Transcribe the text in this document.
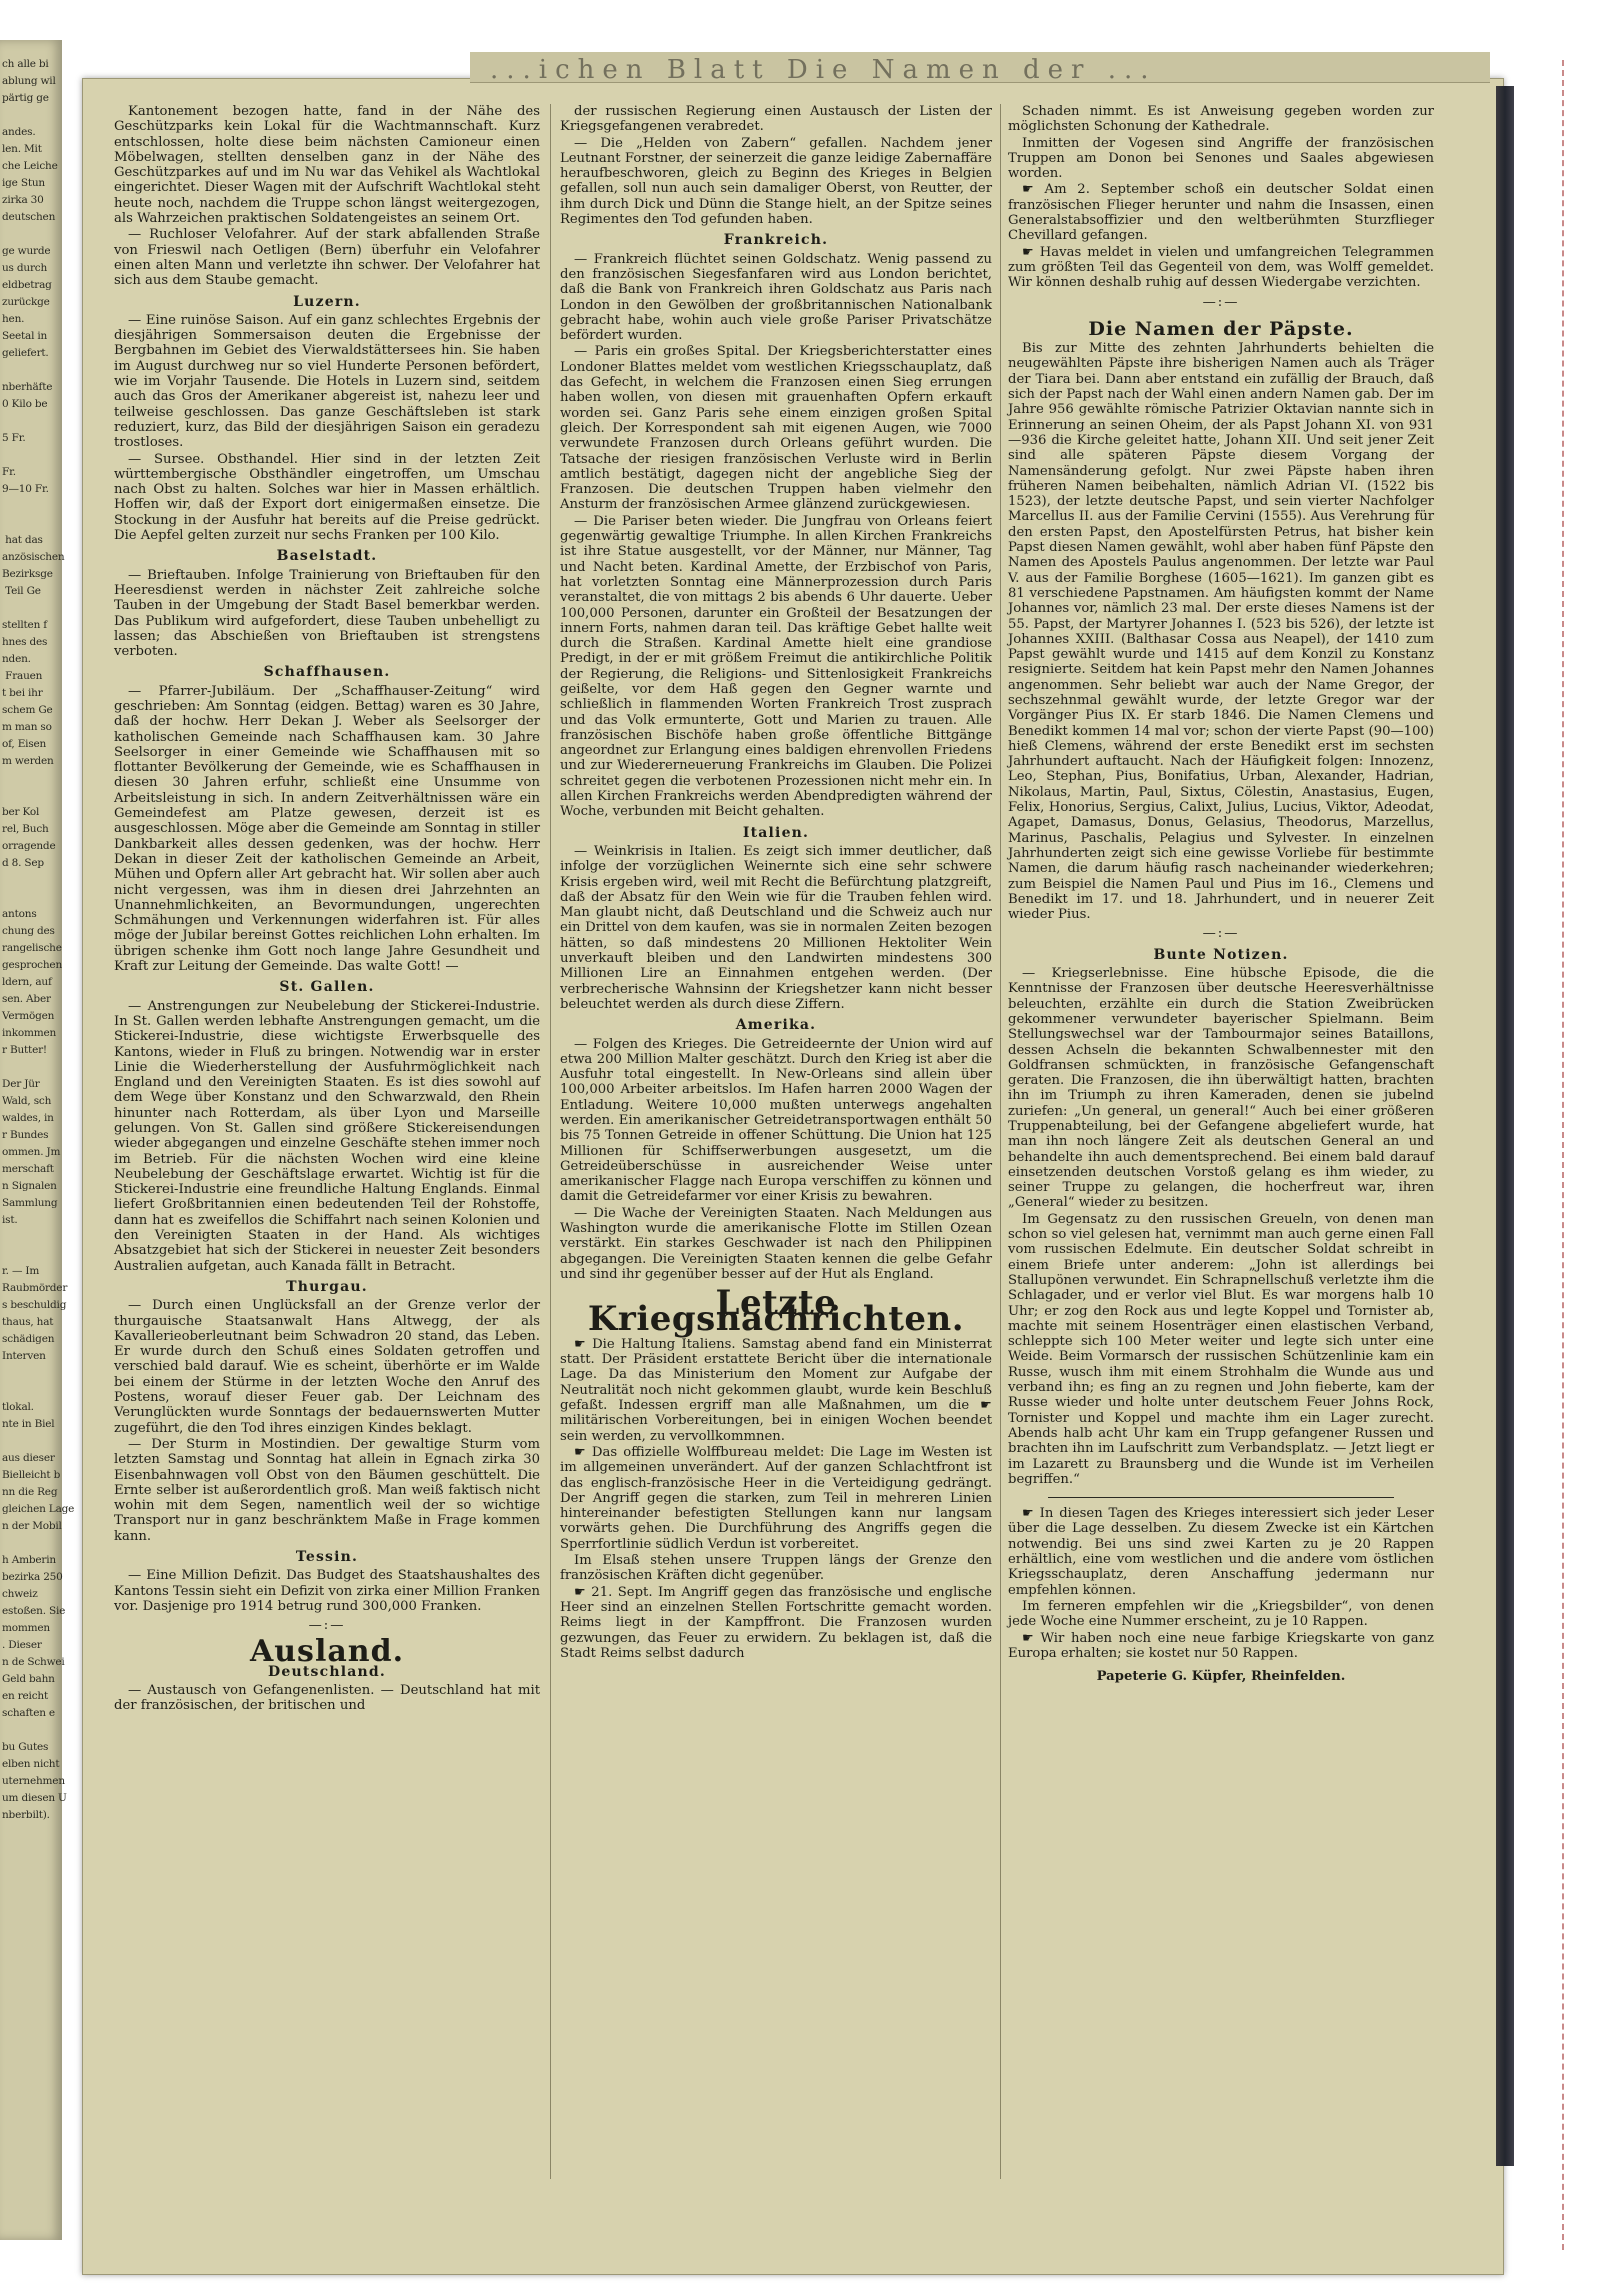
ch alle bi
ablung wil
pärtig ge

andes.
len. Mit
che Leiche
ige Stun
zirka 30
deutschen

ge wurde
us durch
eldbetrag
zurückge
hen.
Seetal in
geliefert.

nberhäfte
0 Kilo be

5 Fr.

Fr.
9—10 Fr.

hat das
anzösischen
Bezirksge
Teil Ge

stellten f
hnes des
nden.
Frauen
t bei ihr
schem Ge
m man so
of, Eisen
m werden

ber Kol
rel, Buch
orragende
d 8. Sep

antons
chung des
rangelische
gesprochen
ldern, auf
sen. Aber
Vermögen
inkommen
r Butter!

Der Jür
Wald, sch
waldes, in
r Bundes
ommen. Jm
merschaft
n Signalen
Sammlung
ist.

r. — Im
Raubmörder
s beschuldig
thaus, hat
schädigen
Interven

tlokal.
nte in Biel

aus dieser
Bielleicht b
nn die Reg
gleichen Lage
n der Mobil

h Amberin
bezirka 250
chweiz
estoßen. Sie
mommen
. Dieser
n de Schwei
Geld bahn
en reicht
schaften e

bu Gutes
elben nicht
uternehmen
um diesen U
nberbilt).
...ichen Blatt Die Namen der ...

Kantonement bezogen hatte, fand in der Nähe des Geschützparks kein Lokal für die Wachtmannschaft. Kurz entschlossen, holte diese beim nächsten Camioneur einen Möbelwagen, stellten denselben ganz in der Nähe des Geschützparkes auf und im Nu war das Vehikel als Wachtlokal eingerichtet. Dieser Wagen mit der Aufschrift Wachtlokal steht heute noch, nachdem die Truppe schon längst weitergezogen, als Wahrzeichen praktischen Soldatengeistes an seinem Ort.

— Ruchloser Velofahrer. Auf der stark abfallenden Straße von Frieswil nach Oetligen (Bern) überfuhr ein Velofahrer einen alten Mann und verletzte ihn schwer. Der Velofahrer hat sich aus dem Staube gemacht.

Luzern.

— Eine ruinöse Saison. Auf ein ganz schlechtes Ergebnis der diesjährigen Sommersaison deuten die Ergebnisse der Bergbahnen im Gebiet des Vierwaldstättersees hin. Sie haben im August durchweg nur so viel Hunderte Personen befördert, wie im Vorjahr Tausende. Die Hotels in Luzern sind, seitdem auch das Gros der Amerikaner abgereist ist, nahezu leer und teilweise geschlossen. Das ganze Geschäftsleben ist stark reduziert, kurz, das Bild der diesjährigen Saison ein geradezu trostloses.

— Sursee. Obsthandel. Hier sind in der letzten Zeit württembergische Obsthändler eingetroffen, um Umschau nach Obst zu halten. Solches war hier in Massen erhältlich. Hoffen wir, daß der Export dort einigermaßen einsetze. Die Stockung in der Ausfuhr hat bereits auf die Preise gedrückt. Die Aepfel gelten zurzeit nur sechs Franken per 100 Kilo.

Baselstadt.

— Brieftauben. Infolge Trainierung von Brieftauben für den Heeresdienst werden in nächster Zeit zahlreiche solche Tauben in der Umgebung der Stadt Basel bemerkbar werden. Das Publikum wird aufgefordert, diese Tauben unbehelligt zu lassen; das Abschießen von Brieftauben ist strengstens verboten.

Schaffhausen.

— Pfarrer-Jubiläum. Der „Schaffhauser-Zeitung“ wird geschrieben: Am Sonntag (eidgen. Bettag) waren es 30 Jahre, daß der hochw. Herr Dekan J. Weber als Seelsorger der katholischen Gemeinde nach Schaffhausen kam. 30 Jahre Seelsorger in einer Gemeinde wie Schaffhausen mit so flottanter Bevölkerung der Gemeinde, wie es Schaffhausen in diesen 30 Jahren erfuhr, schließt eine Unsumme von Arbeitsleistung in sich. In andern Zeitverhältnissen wäre ein Gemeindefest am Platze gewesen, derzeit ist es ausgeschlossen. Möge aber die Gemeinde am Sonntag in stiller Dankbarkeit alles dessen gedenken, was der hochw. Herr Dekan in dieser Zeit der katholischen Gemeinde an Arbeit, Mühen und Opfern aller Art gebracht hat. Wir sollen aber auch nicht vergessen, was ihm in diesen drei Jahrzehnten an Unannehmlichkeiten, an Bevormundungen, ungerechten Schmähungen und Verkennungen widerfahren ist. Für alles möge der Jubilar bereinst Gottes reichlichen Lohn erhalten. Im übrigen schenke ihm Gott noch lange Jahre Gesundheit und Kraft zur Leitung der Gemeinde. Das walte Gott! —

St. Gallen.

— Anstrengungen zur Neubelebung der Stickerei-Industrie. In St. Gallen werden lebhafte Anstrengungen gemacht, um die Stickerei-Industrie, diese wichtigste Erwerbsquelle des Kantons, wieder in Fluß zu bringen. Notwendig war in erster Linie die Wiederherstellung der Ausfuhrmöglichkeit nach England und den Vereinigten Staaten. Es ist dies sowohl auf dem Wege über Konstanz und den Schwarzwald, den Rhein hinunter nach Rotterdam, als über Lyon und Marseille gelungen. Von St. Gallen sind größere Stickereisendungen wieder abgegangen und einzelne Geschäfte stehen immer noch im Betrieb. Für die nächsten Wochen wird eine kleine Neubelebung der Geschäftslage erwartet. Wichtig ist für die Stickerei-Industrie eine freundliche Haltung Englands. Einmal liefert Großbritannien einen bedeutenden Teil der Rohstoffe, dann hat es zweifellos die Schiffahrt nach seinen Kolonien und den Vereinigten Staaten in der Hand. Als wichtiges Absatzgebiet hat sich der Stickerei in neuester Zeit besonders Australien aufgetan, auch Kanada fällt in Betracht.

Thurgau.

— Durch einen Unglücksfall an der Grenze verlor der thurgauische Staatsanwalt Hans Altwegg, der als Kavallerieoberleutnant beim Schwadron 20 stand, das Leben. Er wurde durch den Schuß eines Soldaten getroffen und verschied bald darauf. Wie es scheint, überhörte er im Walde bei einem der Stürme in der letzten Woche den Anruf des Postens, worauf dieser Feuer gab. Der Leichnam des Verunglückten wurde Sonntags der bedauernswerten Mutter zugeführt, die den Tod ihres einzigen Kindes beklagt.

— Der Sturm in Mostindien. Der gewaltige Sturm vom letzten Samstag und Sonntag hat allein in Egnach zirka 30 Eisenbahnwagen voll Obst von den Bäumen geschüttelt. Die Ernte selber ist außerordentlich groß. Man weiß faktisch nicht wohin mit dem Segen, namentlich weil der so wichtige Transport nur in ganz beschränktem Maße in Frage kommen kann.

Tessin.

— Eine Million Defizit. Das Budget des Staatshaushaltes des Kantons Tessin sieht ein Defizit von zirka einer Million Franken vor. Dasjenige pro 1914 betrug rund 300,000 Franken.

—:—
Ausland.
Deutschland.

— Austausch von Gefangenenlisten. — Deutschland hat mit der französischen, der britischen und

der russischen Regierung einen Austausch der Listen der Kriegsgefangenen verabredet.

— Die „Helden von Zabern“ gefallen. Nachdem jener Leutnant Forstner, der seinerzeit die ganze leidige Zabernaffäre heraufbeschworen, gleich zu Beginn des Krieges in Belgien gefallen, soll nun auch sein damaliger Oberst, von Reutter, der ihm durch Dick und Dünn die Stange hielt, an der Spitze seines Regimentes den Tod gefunden haben.

Frankreich.

— Frankreich flüchtet seinen Goldschatz. Wenig passend zu den französischen Siegesfanfaren wird aus London berichtet, daß die Bank von Frankreich ihren Goldschatz aus Paris nach London in den Gewölben der großbritannischen Nationalbank gebracht habe, wohin auch viele große Pariser Privatschätze befördert wurden.

— Paris ein großes Spital. Der Kriegsberichterstatter eines Londoner Blattes meldet vom westlichen Kriegsschauplatz, daß das Gefecht, in welchem die Franzosen einen Sieg errungen haben wollen, von diesen mit grauenhaften Opfern erkauft worden sei. Ganz Paris sehe einem einzigen großen Spital gleich. Der Korrespondent sah mit eigenen Augen, wie 7000 verwundete Franzosen durch Orleans geführt wurden. Die Tatsache der riesigen französischen Verluste wird in Berlin amtlich bestätigt, dagegen nicht der angebliche Sieg der Franzosen. Die deutschen Truppen haben vielmehr den Ansturm der französischen Armee glänzend zurückgewiesen.

— Die Pariser beten wieder. Die Jungfrau von Orleans feiert gegenwärtig gewaltige Triumphe. In allen Kirchen Frankreichs ist ihre Statue ausgestellt, vor der Männer, nur Männer, Tag und Nacht beten. Kardinal Amette, der Erzbischof von Paris, hat vorletzten Sonntag eine Männerprozession durch Paris veranstaltet, die von mittags 2 bis abends 6 Uhr dauerte. Ueber 100,000 Personen, darunter ein Großteil der Besatzungen der innern Forts, nahmen daran teil. Das kräftige Gebet hallte weit durch die Straßen. Kardinal Amette hielt eine grandiose Predigt, in der er mit größem Freimut die antikirchliche Politik der Regierung, die Religions- und Sittenlosigkeit Frankreichs geißelte, vor dem Haß gegen den Gegner warnte und schließlich in flammenden Worten Frankreich Trost zusprach und das Volk ermunterte, Gott und Marien zu trauen. Alle französischen Bischöfe haben große öffentliche Bittgänge angeordnet zur Erlangung eines baldigen ehrenvollen Friedens und zur Wiedererneuerung Frankreichs im Glauben. Die Polizei schreitet gegen die verbotenen Prozessionen nicht mehr ein. In allen Kirchen Frankreichs werden Abendpredigten während der Woche, verbunden mit Beicht gehalten.

Italien.

— Weinkrisis in Italien. Es zeigt sich immer deutlicher, daß infolge der vorzüglichen Weinernte sich eine sehr schwere Krisis ergeben wird, weil mit Recht die Befürchtung platzgreift, daß der Absatz für den Wein wie für die Trauben fehlen wird. Man glaubt nicht, daß Deutschland und die Schweiz auch nur ein Drittel von dem kaufen, was sie in normalen Zeiten bezogen hätten, so daß mindestens 20 Millionen Hektoliter Wein unverkauft bleiben und den Landwirten mindestens 300 Millionen Lire an Einnahmen entgehen werden. (Der verbrecherische Wahnsinn der Kriegshetzer kann nicht besser beleuchtet werden als durch diese Ziffern.

Amerika.

— Folgen des Krieges. Die Getreideernte der Union wird auf etwa 200 Million Malter geschätzt. Durch den Krieg ist aber die Ausfuhr total eingestellt. In New-Orleans sind allein über 100,000 Arbeiter arbeitslos. Im Hafen harren 2000 Wagen der Entladung. Weitere 10,000 mußten unterwegs angehalten werden. Ein amerikanischer Getreidetransportwagen enthält 50 bis 75 Tonnen Getreide in offener Schüttung. Die Union hat 125 Millionen für Schiffserwerbungen ausgesetzt, um die Getreideüberschüsse in ausreichender Weise unter amerikanischer Flagge nach Europa verschiffen zu können und damit die Getreidefarmer vor einer Krisis zu bewahren.

— Die Wache der Vereinigten Staaten. Nach Meldungen aus Washington wurde die amerikanische Flotte im Stillen Ozean verstärkt. Ein starkes Geschwader ist nach den Philippinen abgegangen. Die Vereinigten Staaten kennen die gelbe Gefahr und sind ihr gegenüber besser auf der Hut als England.

Letzte Kriegsnachrichten.

☛ Die Haltung Italiens. Samstag abend fand ein Ministerrat statt. Der Präsident erstattete Bericht über die internationale Lage. Da das Ministerium den Moment zur Aufgabe der Neutralität noch nicht gekommen glaubt, wurde kein Beschluß gefaßt. Indessen ergriff man alle Maßnahmen, um die ☛ militärischen Vorbereitungen, bei in einigen Wochen beendet sein werden, zu vervollkommnen.

☛ Das offizielle Wolffbureau meldet: Die Lage im Westen ist im allgemeinen unverändert. Auf der ganzen Schlachtfront ist das englisch-französische Heer in die Verteidigung gedrängt. Der Angriff gegen die starken, zum Teil in mehreren Linien hintereinander befestigten Stellungen kann nur langsam vorwärts gehen. Die Durchführung des Angriffs gegen die Sperrfortlinie südlich Verdun ist vorbereitet.

Im Elsaß stehen unsere Truppen längs der Grenze den französischen Kräften dicht gegenüber.

☛ 21. Sept. Im Angriff gegen das französische und englische Heer sind an einzelnen Stellen Fortschritte gemacht worden. Reims liegt in der Kampffront. Die Franzosen wurden gezwungen, das Feuer zu erwidern. Zu beklagen ist, daß die Stadt Reims selbst dadurch

Schaden nimmt. Es ist Anweisung gegeben worden zur möglichsten Schonung der Kathedrale.

Inmitten der Vogesen sind Angriffe der französischen Truppen am Donon bei Senones und Saales abgewiesen worden.

☛ Am 2. September schoß ein deutscher Soldat einen französischen Flieger herunter und nahm die Insassen, einen Generalstabsoffizier und den weltberühmten Sturzflieger Chevillard gefangen.

☛ Havas meldet in vielen und umfangreichen Telegrammen zum größten Teil das Gegenteil von dem, was Wolff gemeldet. Wir können deshalb ruhig auf dessen Wiedergabe verzichten.

—:—
Die Namen der Päpste.

Bis zur Mitte des zehnten Jahrhunderts behielten die neugewählten Päpste ihre bisherigen Namen auch als Träger der Tiara bei. Dann aber entstand ein zufällig der Brauch, daß sich der Papst nach der Wahl einen andern Namen gab. Der im Jahre 956 gewählte römische Patrizier Oktavian nannte sich in Erinnerung an seinen Oheim, der als Papst Johann XI. von 931—936 die Kirche geleitet hatte, Johann XII. Und seit jener Zeit sind alle späteren Päpste diesem Vorgang der Namensänderung gefolgt. Nur zwei Päpste haben ihren früheren Namen beibehalten, nämlich Adrian VI. (1522 bis 1523), der letzte deutsche Papst, und sein vierter Nachfolger Marcellus II. aus der Familie Cervini (1555). Aus Verehrung für den ersten Papst, den Apostelfürsten Petrus, hat bisher kein Papst diesen Namen gewählt, wohl aber haben fünf Päpste den Namen des Apostels Paulus angenommen. Der letzte war Paul V. aus der Familie Borghese (1605—1621). Im ganzen gibt es 81 verschiedene Papstnamen. Am häufigsten kommt der Name Johannes vor, nämlich 23 mal. Der erste dieses Namens ist der 55. Papst, der Martyrer Johannes I. (523 bis 526), der letzte ist Johannes XXIII. (Balthasar Cossa aus Neapel), der 1410 zum Papst gewählt wurde und 1415 auf dem Konzil zu Konstanz resignierte. Seitdem hat kein Papst mehr den Namen Johannes angenommen. Sehr beliebt war auch der Name Gregor, der sechszehnmal gewählt wurde, der letzte Gregor war der Vorgänger Pius IX. Er starb 1846. Die Namen Clemens und Benedikt kommen 14 mal vor; schon der vierte Papst (90—100) hieß Clemens, während der erste Benedikt erst im sechsten Jahrhundert auftaucht. Nach der Häufigkeit folgen: Innozenz, Leo, Stephan, Pius, Bonifatius, Urban, Alexander, Hadrian, Nikolaus, Martin, Paul, Sixtus, Cölestin, Anastasius, Eugen, Felix, Honorius, Sergius, Calixt, Julius, Lucius, Viktor, Adeodat, Agapet, Damasus, Donus, Gelasius, Theodorus, Marzellus, Marinus, Paschalis, Pelagius und Sylvester. In einzelnen Jahrhunderten zeigt sich eine gewisse Vorliebe für bestimmte Namen, die darum häufig rasch nacheinander wiederkehren; zum Beispiel die Namen Paul und Pius im 16., Clemens und Benedikt im 17. und 18. Jahrhundert, und in neuerer Zeit wieder Pius.

—:—
Bunte Notizen.

— Kriegserlebnisse. Eine hübsche Episode, die die Kenntnisse der Franzosen über deutsche Heeresverhältnisse beleuchten, erzählte ein durch die Station Zweibrücken gekommener verwundeter bayerischer Spielmann. Beim Stellungswechsel war der Tambourmajor seines Bataillons, dessen Achseln die bekannten Schwalbennester mit den Goldfransen schmückten, in französische Gefangenschaft geraten. Die Franzosen, die ihn überwältigt hatten, brachten ihn im Triumph zu ihren Kameraden, denen sie jubelnd zuriefen: „Un general, un general!“ Auch bei einer größeren Truppenabteilung, bei der Gefangene abgeliefert wurde, hat man ihn noch längere Zeit als deutschen General an und behandelte ihn auch dementsprechend. Bei einem bald darauf einsetzenden deutschen Vorstoß gelang es ihm wieder, zu seiner Truppe zu gelangen, die hocherfreut war, ihren „General“ wieder zu besitzen.

Im Gegensatz zu den russischen Greueln, von denen man schon so viel gelesen hat, vernimmt man auch gerne einen Fall vom russischen Edelmute. Ein deutscher Soldat schreibt in einem Briefe unter anderem: „John ist allerdings bei Stallupönen verwundet. Ein Schrapnellschuß verletzte ihm die Schlagader, und er verlor viel Blut. Es war morgens halb 10 Uhr; er zog den Rock aus und legte Koppel und Tornister ab, machte mit seinem Hosenträger einen elastischen Verband, schleppte sich 100 Meter weiter und legte sich unter eine Weide. Beim Vormarsch der russischen Schützenlinie kam ein Russe, wusch ihm mit einem Strohhalm die Wunde aus und verband ihn; es fing an zu regnen und John fieberte, kam der Russe wieder und holte unter deutschem Feuer Johns Rock, Tornister und Koppel und machte ihm ein Lager zurecht. Abends halb acht Uhr kam ein Trupp gefangener Russen und brachten ihn im Laufschritt zum Verbandsplatz. — Jetzt liegt er im Lazarett zu Braunsberg und die Wunde ist im Verheilen begriffen.“

☛ In diesen Tagen des Krieges interessiert sich jeder Leser über die Lage desselben. Zu diesem Zwecke ist ein Kärtchen notwendig. Bei uns sind zwei Karten zu je 20 Rappen erhältlich, eine vom westlichen und die andere vom östlichen Kriegsschauplatz, deren Anschaffung jedermann nur empfehlen können.

Im ferneren empfehlen wir die „Kriegsbilder“, von denen jede Woche eine Nummer erscheint, zu je 10 Rappen.

☛ Wir haben noch eine neue farbige Kriegskarte von ganz Europa erhalten; sie kostet nur 50 Rappen.

Papeterie G. Küpfer, Rheinfelden.
